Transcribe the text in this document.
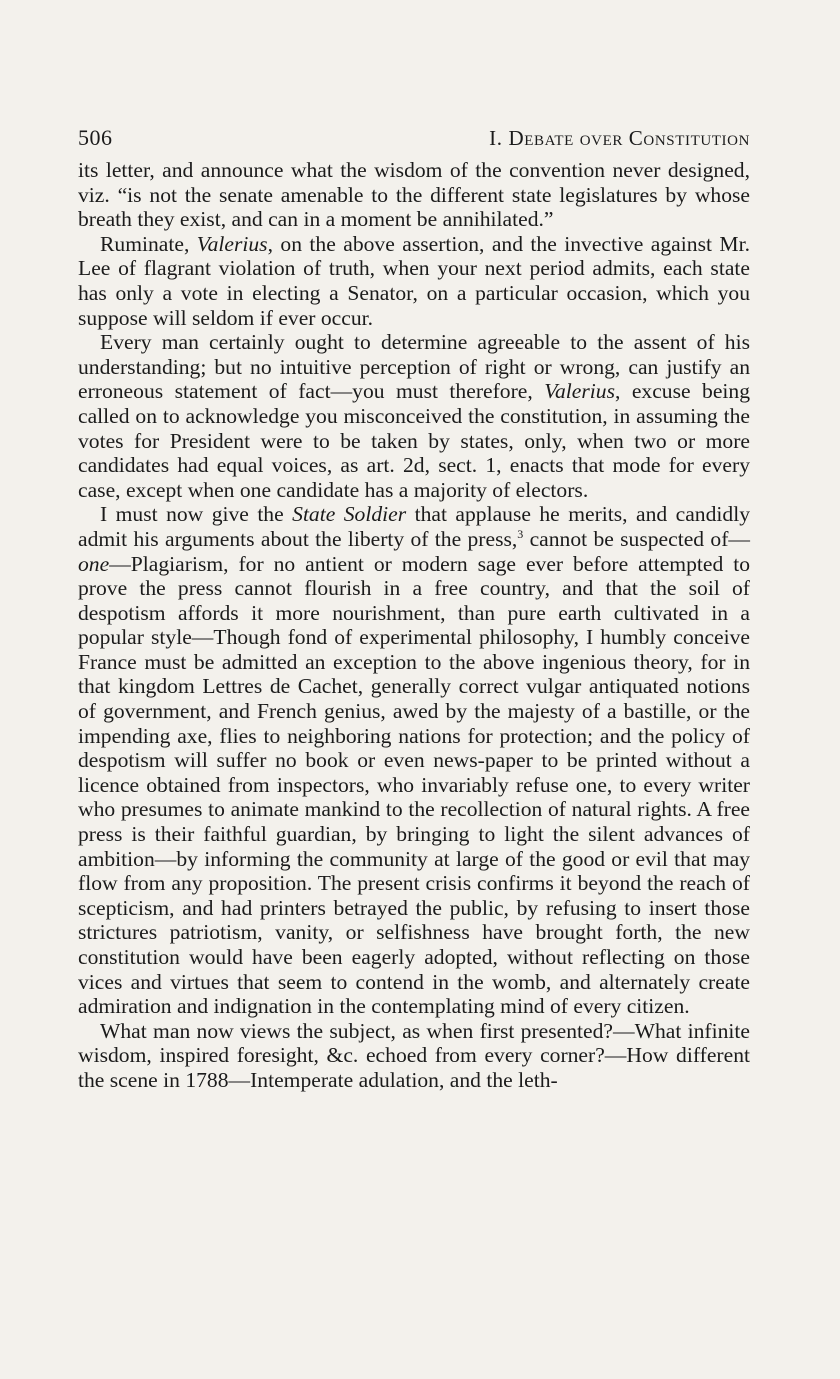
506	I. Debate over Constitution

its letter, and announce what the wisdom of the convention never designed, viz. “is not the senate amenable to the different state legislatures by whose breath they exist, and can in a moment be annihilated.”

Ruminate, Valerius, on the above assertion, and the invective against Mr. Lee of flagrant violation of truth, when your next period admits, each state has only a vote in electing a Senator, on a particular occasion, which you suppose will seldom if ever occur.

Every man certainly ought to determine agreeable to the assent of his understanding; but no intuitive perception of right or wrong, can justify an erroneous statement of fact—you must therefore, Valerius, excuse being called on to acknowledge you misconceived the constitution, in assuming the votes for President were to be taken by states, only, when two or more candidates had equal voices, as art. 2d, sect. 1, enacts that mode for every case, except when one candidate has a majority of electors.

I must now give the State Soldier that applause he merits, and candidly admit his arguments about the liberty of the press,$^3$ cannot be suspected of—one—Plagiarism, for no antient or modern sage ever before attempted to prove the press cannot flourish in a free country, and that the soil of despotism affords it more nourishment, than pure earth cultivated in a popular style—Though fond of experimental philosophy, I humbly conceive France must be admitted an exception to the above ingenious theory, for in that kingdom Lettres de Cachet, generally correct vulgar antiquated notions of government, and French genius, awed by the majesty of a bastille, or the impending axe, flies to neighboring nations for protection; and the policy of despotism will suffer no book or even news-paper to be printed without a licence obtained from inspectors, who invariably refuse one, to every writer who presumes to animate mankind to the recollection of natural rights. A free press is their faithful guardian, by bringing to light the silent advances of ambition—by informing the community at large of the good or evil that may flow from any proposition. The present crisis confirms it beyond the reach of scepticism, and had printers betrayed the public, by refusing to insert those strictures patriotism, vanity, or selfishness have brought forth, the new constitution would have been eagerly adopted, without reflecting on those vices and virtues that seem to contend in the womb, and alternately create admiration and indignation in the contemplating mind of every citizen.

What man now views the subject, as when first presented?—What infinite wisdom, inspired foresight, &c. echoed from every corner?—How different the scene in 1788—Intemperate adulation, and the leth-
